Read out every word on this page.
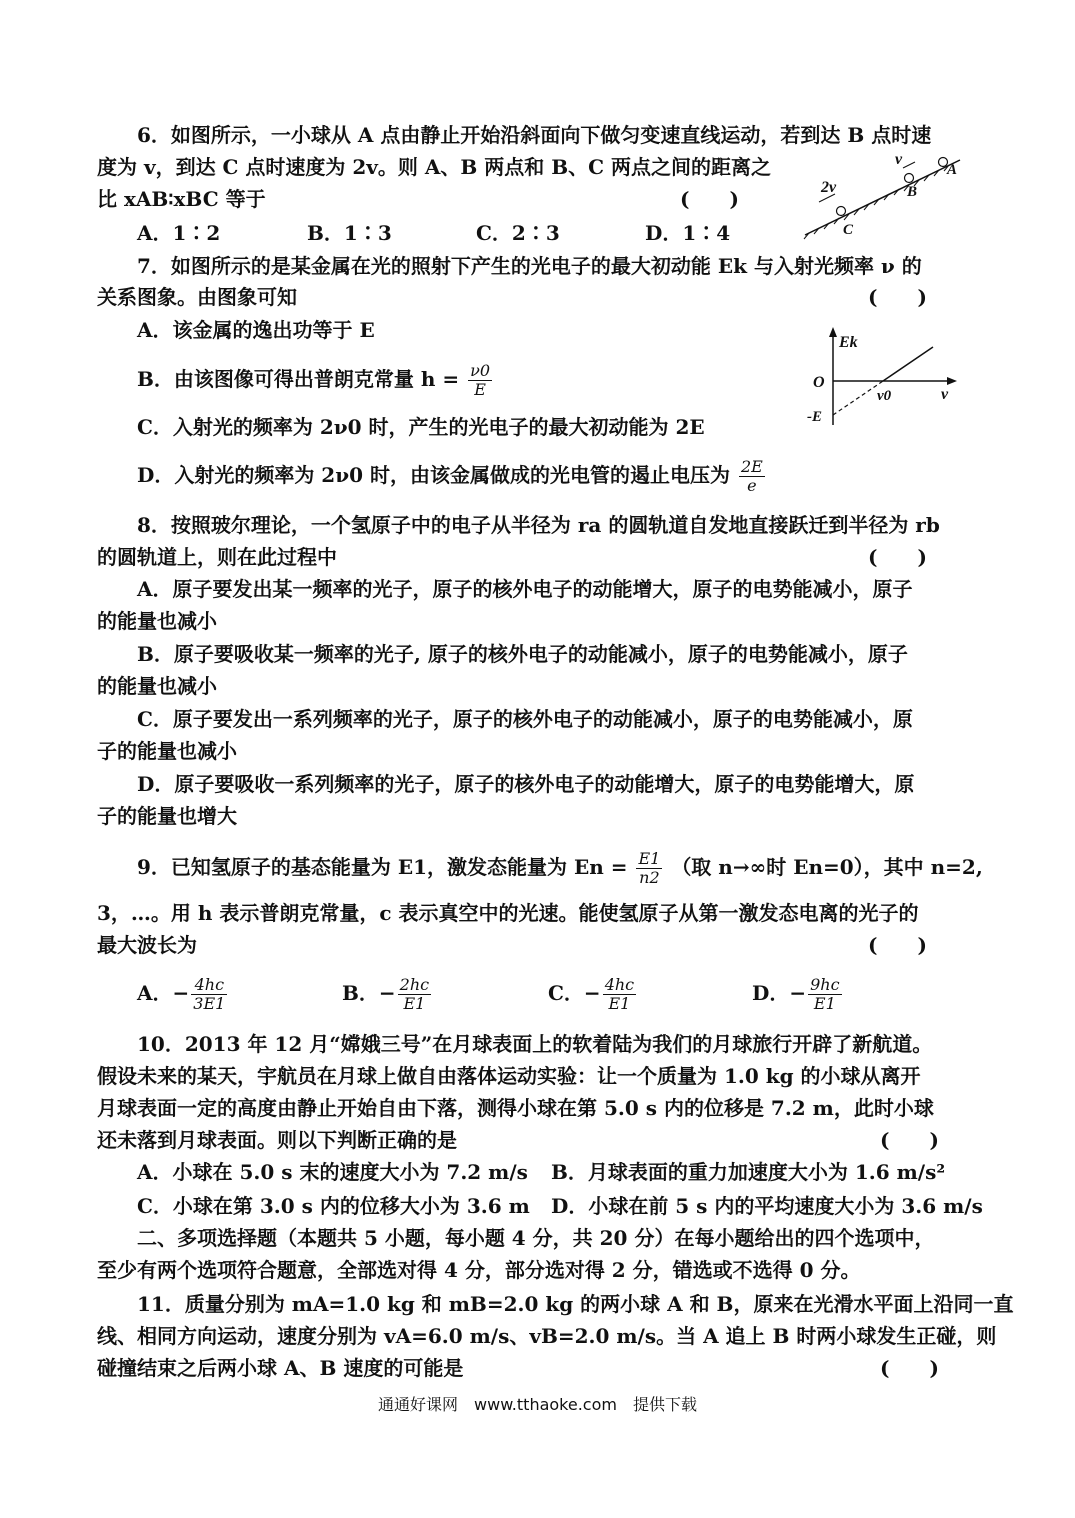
6．如图所示，一小球从 A 点由静止开始沿斜面向下做匀变速直线运动，若到达 B 点时速
度为 v，到达 C 点时速度为 2v。则 A、B 两点和 B、C 两点之间的距离之
比 xAB∶xBC 等于	(　　)
A．1∶2	B．1∶3	C．2∶3	D．1∶4
v
2v
A
B
C
7．如图所示的是某金属在光的照射下产生的光电子的最大初动能 Ek 与入射光频率 ν 的
关系图象。由图象可知	(　　)
A．该金属的逸出功等于 E
B．由该图像可得出普朗克常量 $h = \frac{\nu 0}{E}$
C．入射光的频率为 2ν0 时，产生的光电子的最大初动能为 2E
D．入射光的频率为 2ν0 时，由该金属做成的光电管的遏止电压为 $\frac{2E}{e}$
Ek
O
ν0	ν
-E
8．按照玻尔理论，一个氢原子中的电子从半径为 ra 的圆轨道自发地直接跃迁到半径为 rb
的圆轨道上，则在此过程中	(　　)
A．原子要发出某一频率的光子，原子的核外电子的动能增大，原子的电势能减小，原子
的能量也减小
B．原子要吸收某一频率的光子, 原子的核外电子的动能减小，原子的电势能减小，原子
的能量也减小
C．原子要发出一系列频率的光子，原子的核外电子的动能减小，原子的电势能减小，原
子的能量也减小
D．原子要吸收一系列频率的光子，原子的核外电子的动能增大，原子的电势能增大，原
子的能量也增大
9．已知氢原子的基态能量为 E1，激发态能量为 $En = \frac{E1}{n2}$ （取 n→∞时 En=0），其中 n=2,
3，…。用 h 表示普朗克常量，c 表示真空中的光速。能使氢原子从第一激发态电离的光子的
最大波长为	(　　)
A．− $\frac{4hc}{3E1}$	B．− $\frac{2hc}{E1}$	C．− $\frac{4hc}{E1}$	D．− $\frac{9hc}{E1}$
10．2013 年 12 月“嫦娥三号”在月球表面上的软着陆为我们的月球旅行开辟了新航道。
假设未来的某天，宇航员在月球上做自由落体运动实验：让一个质量为 1.0 kg 的小球从离开
月球表面一定的高度由静止开始自由下落，测得小球在第 5.0 s 内的位移是 7.2 m，此时小球
还未落到月球表面。则以下判断正确的是	(　　)
A．小球在 5.0 s 末的速度大小为 7.2 m/s B．月球表面的重力加速度大小为 1.6 m/s²
C．小球在第 3.0 s 内的位移大小为 3.6 m D．小球在前 5 s 内的平均速度大小为 3.6 m/s
二、多项选择题（本题共 5 小题，每小题 4 分，共 20 分）在每小题给出的四个选项中，
至少有两个选项符合题意，全部选对得 4 分，部分选对得 2 分，错选或不选得 0 分。
11．质量分别为 mA=1.0 kg 和 mB=2.0 kg 的两小球 A 和 B，原来在光滑水平面上沿同一直
线、相同方向运动，速度分别为 vA=6.0 m/s、vB=2.0 m/s。当 A 追上 B 时两小球发生正碰，则
碰撞结束之后两小球 A、B 速度的可能是	(　　)
通通好课网　www.tthaoke.com　提供下载
